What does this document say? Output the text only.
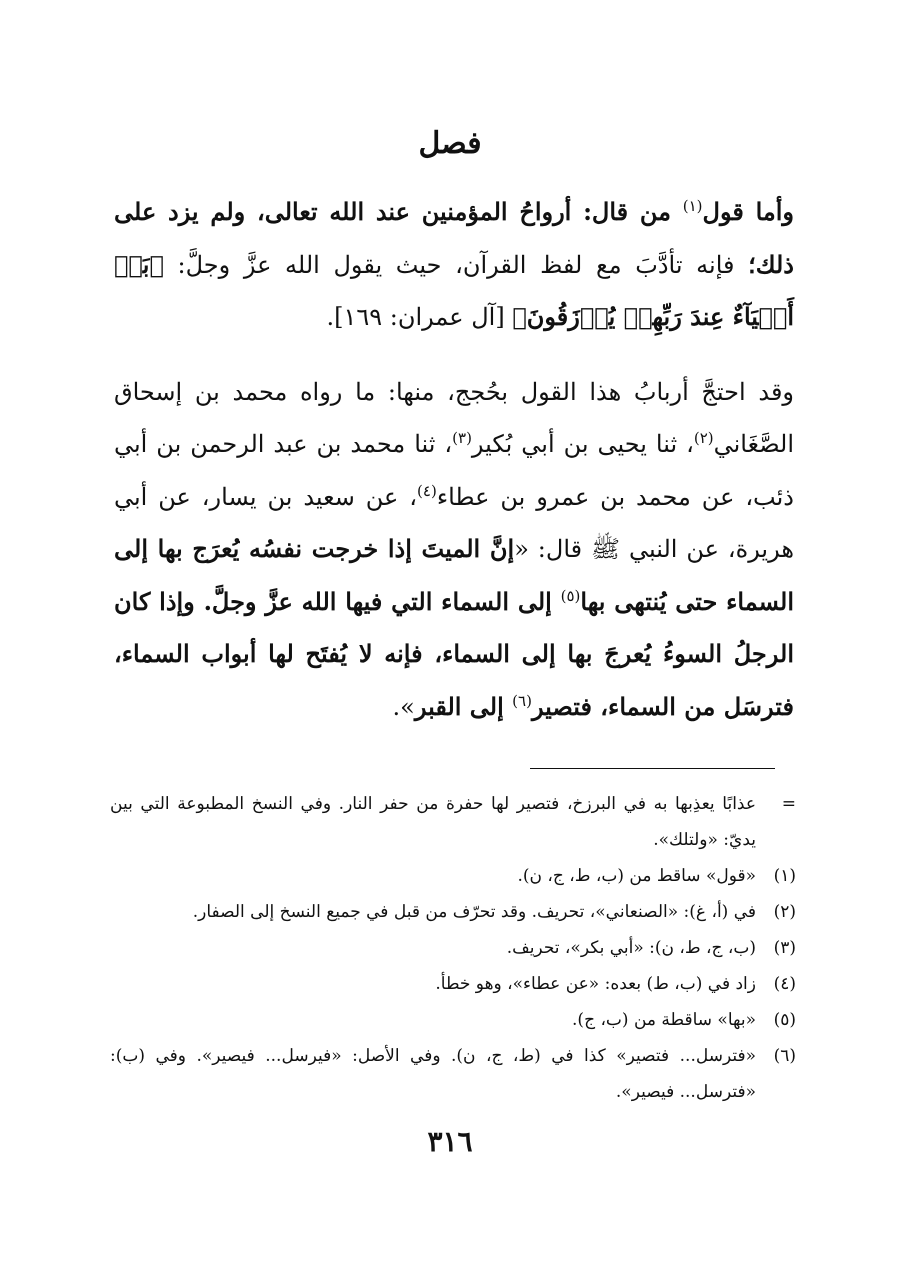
فصل

وأما قول$^{(١)}$ من قال: أرواحُ المؤمنين عند الله تعالى، ولم يزد على ذلك؛ فإنه تأدَّبَ مع لفظ القرآن، حيث يقول الله عزَّ وجلَّ: ﴿بَلۡ أَحۡيَآءٌ عِندَ رَبِّهِمۡ يُرۡزَقُونَ﴾ [آل عمران: ١٦٩].

وقد احتجَّ أربابُ هذا القول بحُجج، منها: ما رواه محمد بن إسحاق الصَّغَاني$^{(٢)}$، ثنا يحيى بن أبي بُكير$^{(٣)}$، ثنا محمد بن عبد الرحمن بن أبي ذئب، عن محمد بن عمرو بن عطاء$^{(٤)}$، عن سعيد بن يسار، عن أبي هريرة، عن النبي ﷺ قال: «إنَّ الميتَ إذا خرجت نفسُه يُعرَج بها إلى السماء حتى يُنتهى بها$^{(٥)}$ إلى السماء التي فيها الله عزَّ وجلَّ. وإذا كان الرجلُ السوءُ يُعرجَ بها إلى السماء، فإنه لا يُفتَح لها أبواب السماء، فترسَل من السماء، فتصير$^{(٦)}$ إلى القبر».

=
عذابًا يعذِبها به في البرزخ، فتصير لها حفرة من حفر النار. وفي النسخ المطبوعة التي بين يديّ: «ولتلك».
(١)
«قول» ساقط من (ب، ط، ج، ن).
(٢)
في (أ، غ): «الصنعاني»، تحريف. وقد تحرّف من قبل في جميع النسخ إلى الصفار.
(٣)
(ب، ج، ط، ن): «أبي بكر»، تحريف.
(٤)
زاد في (ب، ط) بعده: «عن عطاء»، وهو خطأ.
(٥)
«بها» ساقطة من (ب، ج).
(٦)
«فترسل... فتصير» كذا في (ط، ج، ن). وفي الأصل: «فيرسل... فيصير». وفي (ب): «فترسل... فيصير».
٣١٦
